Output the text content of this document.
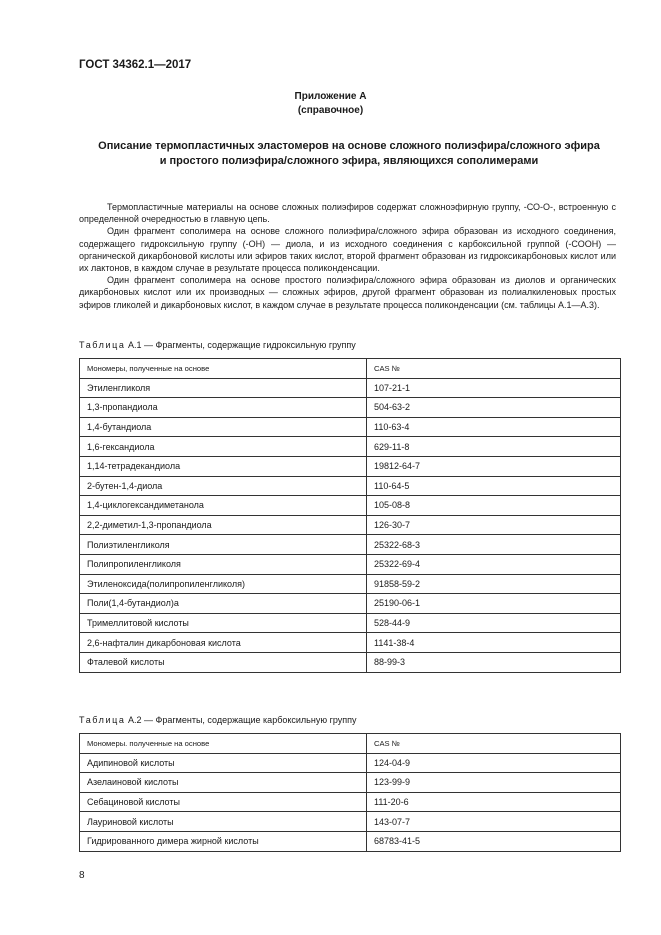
ГОСТ 34362.1—2017
Приложение А
(справочное)
Описание термопластичных эластомеров на основе сложного полиэфира/сложного эфира
и простого полиэфира/сложного эфира, являющихся сополимерами

Термопластичные материалы на основе сложных полиэфиров содержат сложноэфирную группу, -СО-О-, встроенную с определенной очередностью в главную цепь.

Один фрагмент сополимера на основе сложного полиэфира/сложного эфира образован из исходного соединения, содержащего гидроксильную группу (-ОН) — диола, и из исходного соединения с карбоксильной группой (-СООН) — органической дикарбоновой кислоты или эфиров таких кислот, второй фрагмент образован из гидроксикарбоновых кислот или их лактонов, в каждом случае в результате процесса поликонденсации.

Один фрагмент сополимера на основе простого полиэфира/сложного эфира образован из диолов и органических дикарбоновых кислот или их производных — сложных эфиров, другой фрагмент образован из полиалкиленовых простых эфиров гликолей и дикарбоновых кислот, в каждом случае в результате процесса поликонденсации (см. таблицы А.1—А.3).

Таблица А.1 — Фрагменты, содержащие гидроксильную группу
Мономеры, полученные на основе	CAS №
Этиленгликоля	107-21-1
1,3-пропандиола	504-63-2
1,4-бутандиола	110-63-4
1,6-гександиола	629-11-8
1,14-тетрадекандиола	19812-64-7
2-бутен-1,4-диола	110-64-5
1,4-циклогександиметанола	105-08-8
2,2-диметил-1,3-пропандиола	126-30-7
Полиэтиленгликоля	25322-68-3
Полипропиленгликоля	25322-69-4
Этиленоксида(полипропиленгликоля)	91858-59-2
Поли(1,4-бутандиол)а	25190-06-1
Тримеллитовой кислоты	528-44-9
2,6-нафталин дикарбоновая кислота	1141-38-4
Фталевой кислоты	88-99-3
Таблица А.2 — Фрагменты, содержащие карбоксильную группу
Мономеры. полученные на основе	CAS №
Адипиновой кислоты	124-04-9
Азелаиновой кислоты	123-99-9
Себациновой кислоты	111-20-6
Лауриновой кислоты	143-07-7
Гидрированного димера жирной кислоты	68783-41-5
8
